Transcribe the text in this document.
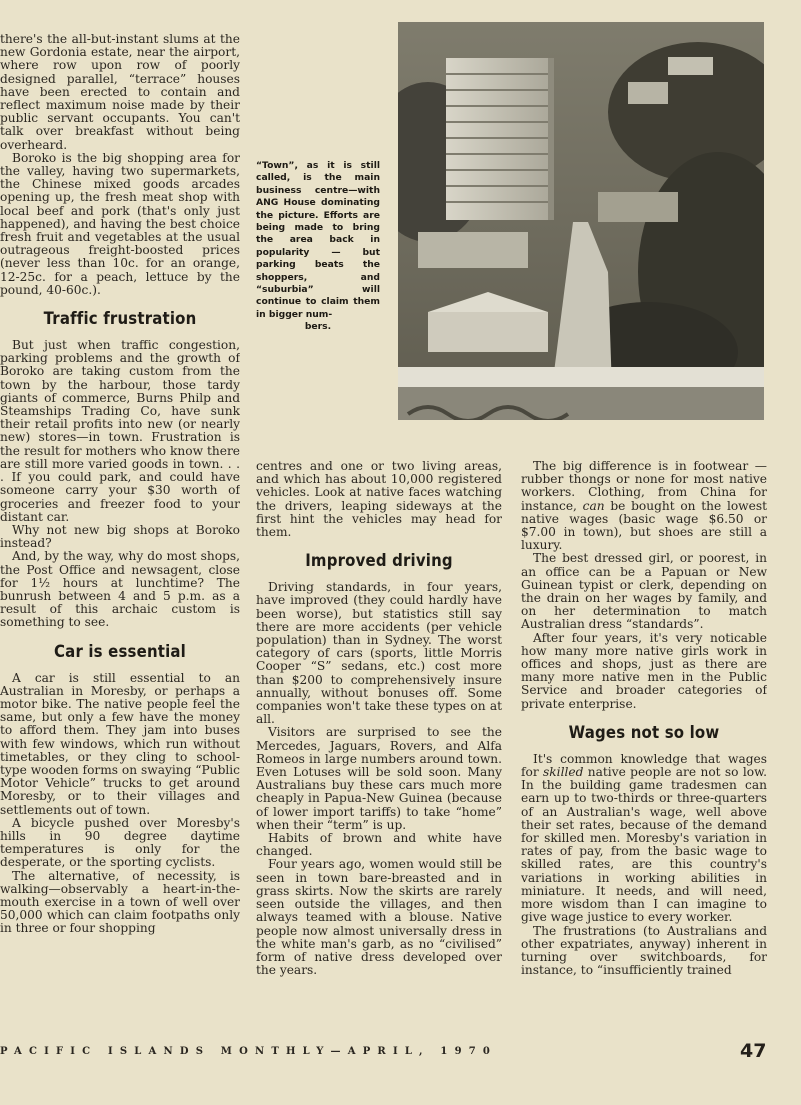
there's the all-but-instant slums at the new Gordonia estate, near the airport, where row upon row of poorly designed parallel, “terrace” houses have been erected to contain and reflect maximum noise made by their public servant occupants. You can't talk over breakfast without being overheard.

Boroko is the big shopping area for the valley, having two supermarkets, the Chinese mixed goods arcades opening up, the fresh meat shop with local beef and pork (that's only just happened), and having the best choice fresh fruit and vegetables at the usual outrageous freight-boosted prices (never less than 10c. for an orange, 12-25c. for a peach, lettuce by the pound, 40-60c.).

Traffic frustration

But just when traffic congestion, parking problems and the growth of Boroko are taking custom from the town by the harbour, those tardy giants of commerce, Burns Philp and Steamships Trading Co, have sunk their retail profits into new (or nearly new) stores—in town. Frustration is the result for mothers who know there are still more varied goods in town. . . . If you could park, and could have someone carry your $30 worth of groceries and freezer food to your distant car.

Why not new big shops at Boroko instead?

And, by the way, why do most shops, the Post Office and newsagent, close for 1½ hours at lunchtime? The bunrush between 4 and 5 p.m. as a result of this archaic custom is something to see.

Car is essential

A car is still essential to an Australian in Moresby, or perhaps a motor bike. The native people feel the same, but only a few have the money to afford them. They jam into buses with few windows, which run without timetables, or they cling to school-type wooden forms on swaying “Public Motor Vehicle” trucks to get around Moresby, or to their villages and settlements out of town.

A bicycle pushed over Moresby's hills in 90 degree daytime temperatures is only for the desperate, or the sporting cyclists.

The alternative, of necessity, is walking—observably a heart-in-the-mouth exercise in a town of well over 50,000 which can claim footpaths only in three or four shopping

“Town”, as it is still called, is the main business centre—with ANG House dominating the picture. Efforts are being made to bring the area back in popularity — but parking beats the shoppers, and “suburbia” will continue to claim them in bigger num-
bers.

centres and one or two living areas, and which has about 10,000 registered vehicles. Look at native faces watching the drivers, leaping sideways at the first hint the vehicles may head for them.

Improved driving

Driving standards, in four years, have improved (they could hardly have been worse), but statistics still say there are more accidents (per vehicle population) than in Sydney. The worst category of cars (sports, little Morris Cooper “S” sedans, etc.) cost more than $200 to comprehensively insure annually, without bonuses off. Some companies won't take these types on at all.

Visitors are surprised to see the Mercedes, Jaguars, Rovers, and Alfa Romeos in large numbers around town. Even Lotuses will be sold soon. Many Australians buy these cars much more cheaply in Papua-New Guinea (because of lower import tariffs) to take “home” when their “term” is up.

Habits of brown and white have changed.

Four years ago, women would still be seen in town bare-breasted and in grass skirts. Now the skirts are rarely seen outside the villages, and then always teamed with a blouse. Native people now almost universally dress in the white man's garb, as no “civilised” form of native dress developed over the years.

The big difference is in footwear —rubber thongs or none for most native workers. Clothing, from China for instance, can be bought on the lowest native wages (basic wage $6.50 or $7.00 in town), but shoes are still a luxury.

The best dressed girl, or poorest, in an office can be a Papuan or New Guinean typist or clerk, depending on the drain on her wages by family, and on her determination to match Australian dress “standards”.

After four years, it's very noticable how many more native girls work in offices and shops, just as there are many more native men in the Public Service and broader categories of private enterprise.

Wages not so low

It's common knowledge that wages for skilled native people are not so low. In the building game tradesmen can earn up to two-thirds or three-quarters of an Australian's wage, well above their set rates, because of the demand for skilled men. Moresby's variation in rates of pay, from the basic wage to skilled rates, are this country's variations in working abilities in miniature. It needs, and will need, more wisdom than I can imagine to give wage justice to every worker.

The frustrations (to Australians and other expatriates, anyway) inherent in turning over switchboards, for instance, to “insufficiently trained

PACIFIC ISLANDS MONTHLY—APRIL, 1970	47
